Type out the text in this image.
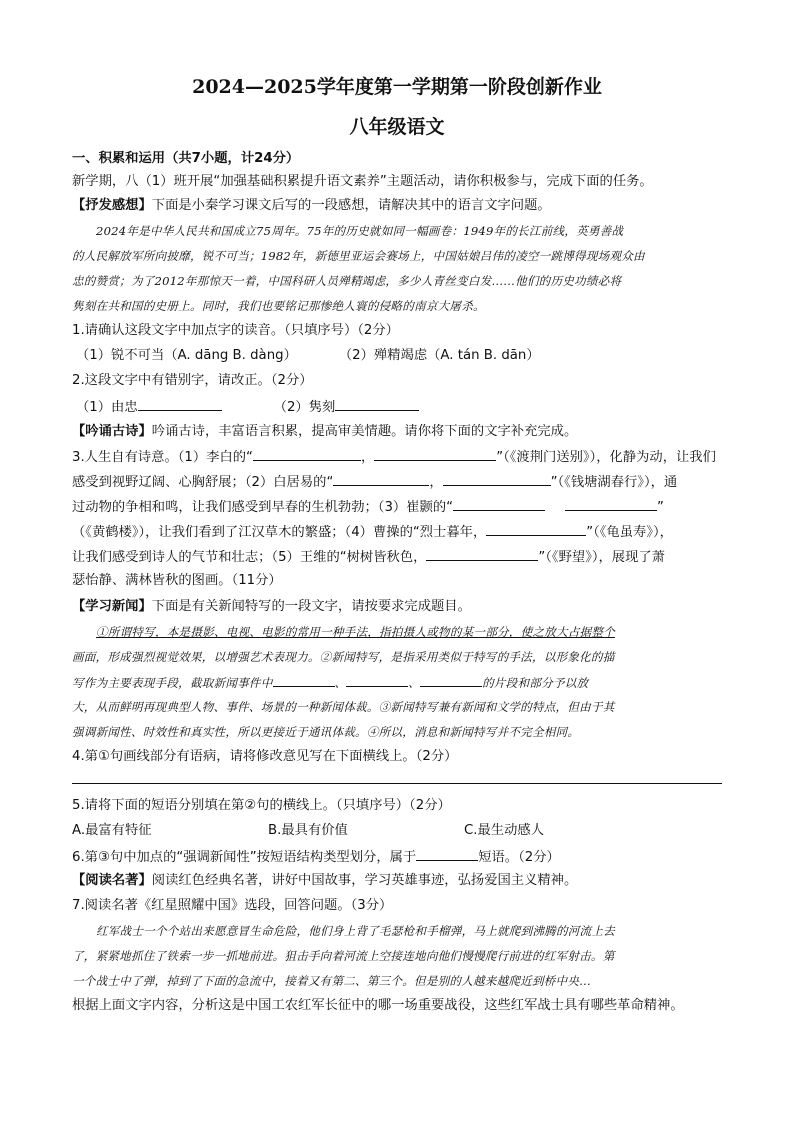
2024—2025学年度第一学期第一阶段创新作业
八年级语文
一、积累和运用（共7小题，计24分）
新学期，八（1）班开展“加强基础积累提升语文素养”主题活动，请你积极参与，完成下面的任务。
【抒发感想】下面是小秦学习课文后写的一段感想，请解决其中的语言文字问题。
2024年是中华人民共和国成立75周年。75年的历史就如同一幅画卷：1949年的长江前线，英勇善战
的人民解放军所向披靡，锐不可当；1982年，新德里亚运会赛场上，中国姑娘吕伟的凌空一跳博得现场观众由
忠的赞赏；为了2012年那惊天一着，中国科研人员殚精竭虑，多少人青丝变白发……他们的历史功绩必将
隽刻在共和国的史册上。同时，我们也要铭记那惨绝人寰的侵略的南京大屠杀。
1.请确认这段文字中加点字的读音。（只填序号）（2分）
（1）锐不可当（A. dāng B. dàng）	（2）殚精竭虑（A. tán B. dān）
2.这段文字中有错别字，请改正。（2分）
（1）由忠	（2）隽刻
【吟诵古诗】吟诵古诗，丰富语言积累，提高审美情趣。请你将下面的文字补充完成。
3.人生自有诗意。（1）李白的“	，	”（《渡荆门送别》），化静为动，让我们
感受到视野辽阔、心胸舒展；（2）白居易的“	，	”（《钱塘湖春行》），通
过动物的争相和鸣，让我们感受到早春的生机勃勃；（3）崔颢的“	”
（《黄鹤楼》），让我们看到了江汉草木的繁盛；（4）曹操的“烈士暮年，	”（《龟虽寿》），
让我们感受到诗人的气节和壮志；（5）王维的“树树皆秋色，	”（《野望》），展现了萧
瑟怡静、满林皆秋的图画。（11分）
【学习新闻】下面是有关新闻特写的一段文字，请按要求完成题目。
①所谓特写，本是摄影、电视、电影的常用一种手法，指拍摄人或物的某一部分，使之放大占据整个
画面，形成强烈视觉效果，以增强艺术表现力。②新闻特写，是指采用类似于特写的手法，以形象化的描
写作为主要表现手段，截取新闻事件中	、	、	的片段和部分予以放
大，从而鲜明再现典型人物、事件、场景的一种新闻体裁。③新闻特写兼有新闻和文学的特点，但由于其
强调新闻性、时效性和真实性，所以更接近于通讯体裁。④所以，消息和新闻特写并不完全相同。
4.第①句画线部分有语病，请将修改意见写在下面横线上。（2分）
5.请将下面的短语分别填在第②句的横线上。（只填序号）（2分）
A.最富有特征	B.最具有价值	C.最生动感人
6.第③句中加点的“强调新闻性”按短语结构类型划分，属于	短语。（2分）
【阅读名著】阅读红色经典名著，讲好中国故事，学习英雄事迹，弘扬爱国主义精神。
7.阅读名著《红星照耀中国》选段，回答问题。（3分）
红军战士一个个站出来愿意冒生命危险，他们身上背了毛瑟枪和手榴弹，马上就爬到沸腾的河流上去
了，紧紧地抓住了铁索一步一抓地前进。狙击手向着河流上空接连地向他们慢慢爬行前进的红军射击。第
一个战士中了弹，掉到了下面的急流中，接着又有第二、第三个。但是别的人越来越爬近到桥中央…
根据上面文字内容，分析这是中国工农红军长征中的哪一场重要战役，这些红军战士具有哪些革命精神。
